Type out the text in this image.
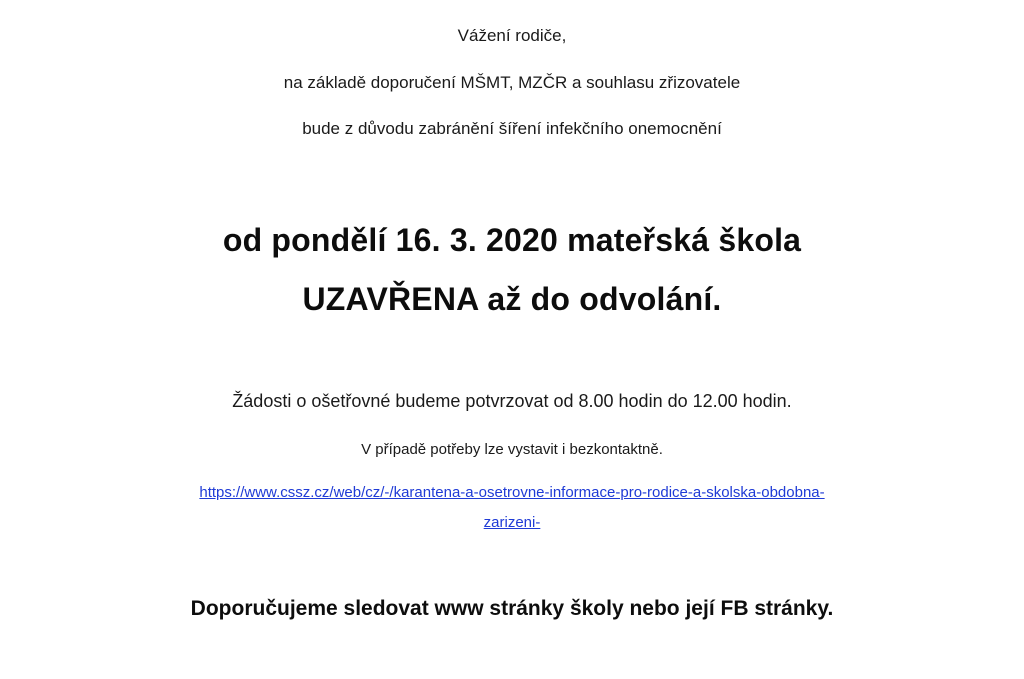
Vážení rodiče,
na základě doporučení MŠMT, MZČR a souhlasu zřizovatele
bude z důvodu zabránění šíření infekčního onemocnění
od pondělí 16. 3. 2020 mateřská škola
UZAVŘENA až do odvolání.
Žádosti o ošetřovné budeme potvrzovat od 8.00 hodin do 12.00 hodin.
V případě potřeby lze vystavit i bezkontaktně.
https://www.cssz.cz/web/cz/-/karantena-a-osetrovne-informace-pro-rodice-a-skolska-obdobna-
zarizeni-
Doporučujeme sledovat www stránky školy nebo její FB stránky.
